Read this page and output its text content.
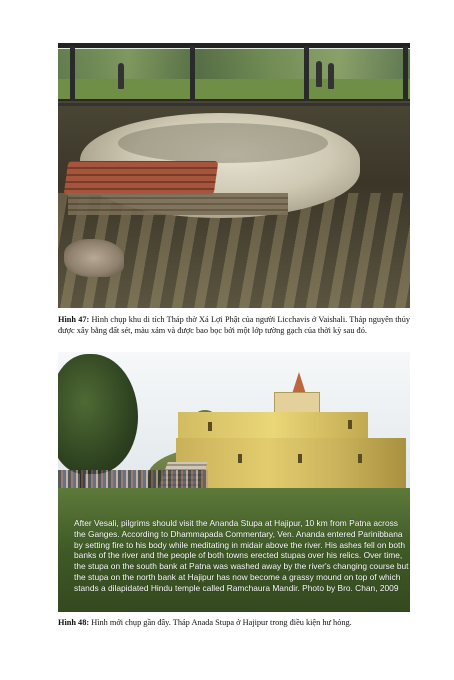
Hình 47: Hình chụp khu di tích Tháp thờ Xá Lợi Phật của người Licchavis ở Vaishali. Tháp nguyên thủy được xây bằng đất sét, màu xám và được bao bọc bởi một lớp tường gạch của thời kỳ sau đó.

After Vesali, pilgrims should visit the Ananda Stupa at Hajipur, 10 km from Patna across the Ganges. According to Dhammapada Commentary, Ven. Ananda entered Parinibbana by setting fire to his body while meditating in midair above the river. His ashes fell on both banks of the river and the people of both towns erected stupas over his relics. Over time, the stupa on the south bank at Patna was washed away by the river's changing course but the stupa on the north bank at Hajipur has now become a grassy mound on top of which stands a dilapidated Hindu temple called Ramchaura Mandir. Photo by Bro. Chan, 2009

Hình 48: Hình mới chụp gần đây. Tháp Anada Stupa ở Hajipur trong điều kiện hư hỏng.
